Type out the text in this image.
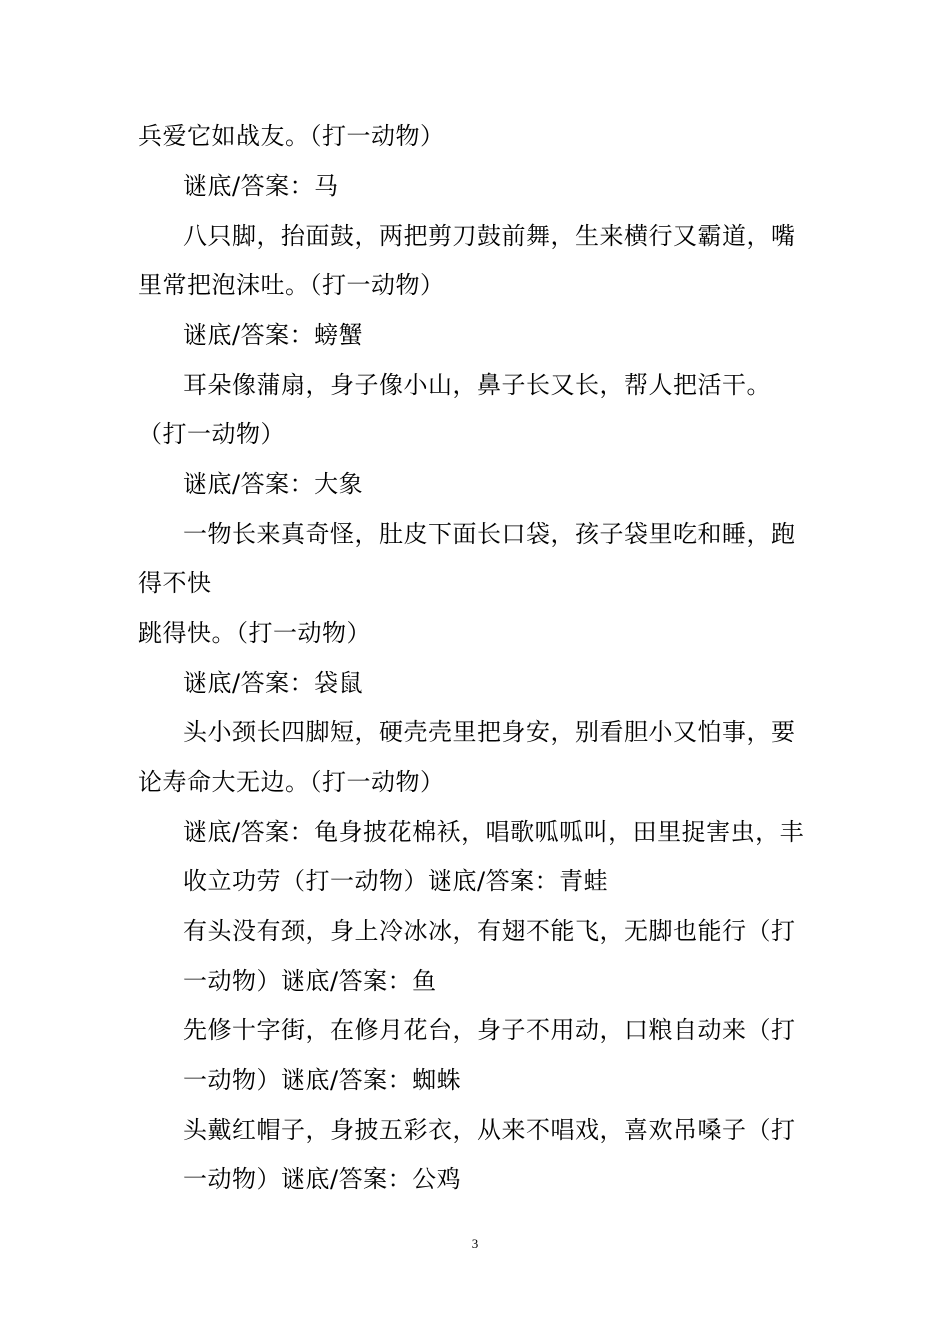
兵爱它如战友。（打一动物）
谜底/答案：马
八只脚，抬面鼓，两把剪刀鼓前舞，生来横行又霸道，嘴
里常把泡沫吐。（打一动物）
谜底/答案：螃蟹
耳朵像蒲扇，身子像小山，鼻子长又长，帮人把活干。
（打一动物）
谜底/答案：大象
一物长来真奇怪，肚皮下面长口袋，孩子袋里吃和睡，跑
得不快
跳得快。（打一动物）
谜底/答案：袋鼠
头小颈长四脚短，硬壳壳里把身安，别看胆小又怕事，要
论寿命大无边。（打一动物）
谜底/答案：龟身披花棉袄，唱歌呱呱叫，田里捉害虫，丰
收立功劳（打一动物）谜底/答案：青蛙
有头没有颈，身上冷冰冰，有翅不能飞，无脚也能行（打
一动物）谜底/答案：鱼
先修十字街，在修月花台，身子不用动，口粮自动来（打
一动物）谜底/答案：蜘蛛
头戴红帽子，身披五彩衣，从来不唱戏，喜欢吊嗓子（打
一动物）谜底/答案：公鸡
3
